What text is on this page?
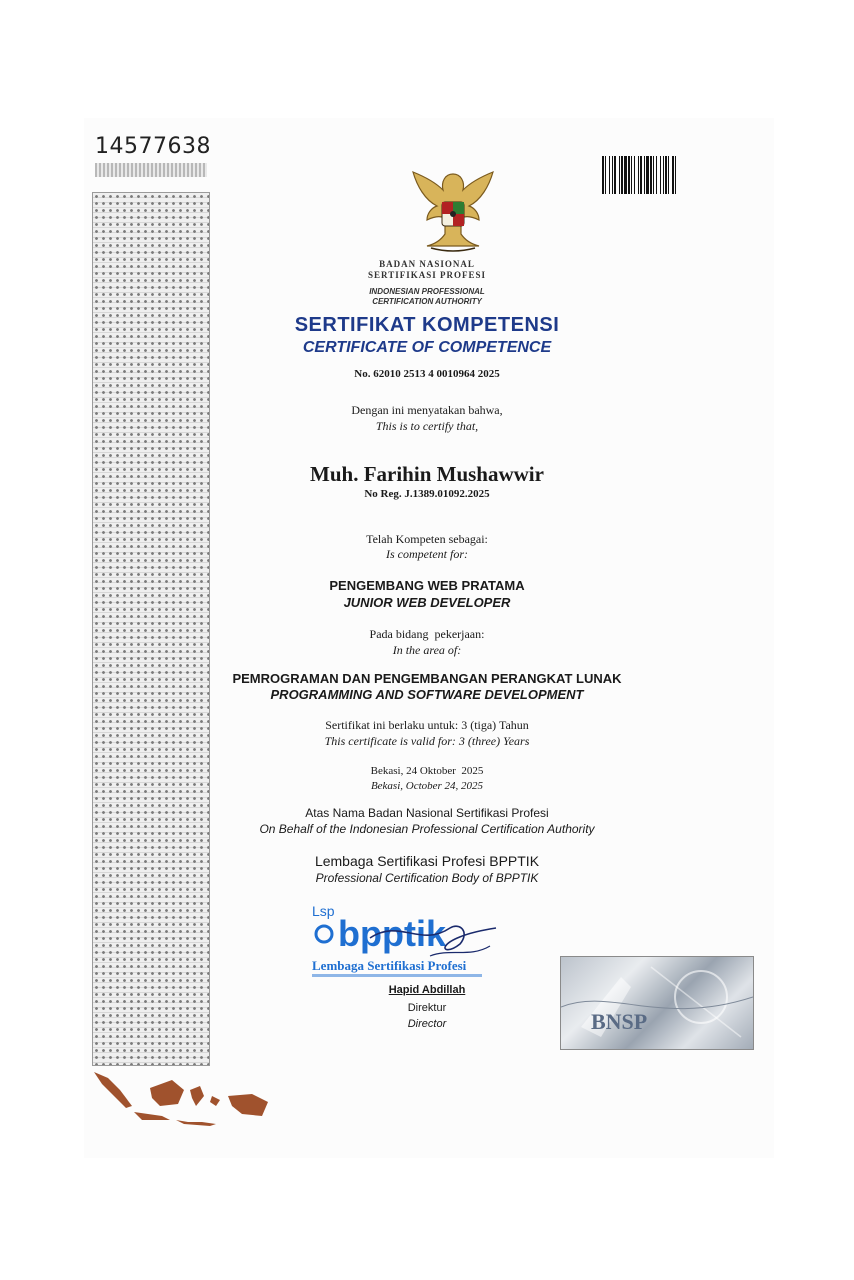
14577638
BADAN NASIONAL
SERTIFIKASI PROFESI
INDONESIAN PROFESSIONAL
CERTIFICATION AUTHORITY
SERTIFIKAT KOMPETENSI
CERTIFICATE OF COMPETENCE
No. 62010 2513 4 0010964 2025
Dengan ini menyatakan bahwa,
This is to certify that,
Muh. Farihin Mushawwir
No Reg. J.1389.01092.2025
Telah Kompeten sebagai:
Is competent for:
PENGEMBANG WEB PRATAMA
JUNIOR WEB DEVELOPER
Pada bidang  pekerjaan:
In the area of:
PEMROGRAMAN DAN PENGEMBANGAN PERANGKAT LUNAK
PROGRAMMING AND SOFTWARE DEVELOPMENT
Sertifikat ini berlaku untuk: 3 (tiga) Tahun
This certificate is valid for: 3 (three) Years
Bekasi, 24 Oktober  2025
Bekasi, October 24, 2025
Atas Nama Badan Nasional Sertifikasi Profesi
On Behalf of the Indonesian Professional Certification Authority
Lembaga Sertifikasi Profesi BPPTIK
Professional Certification Body of BPPTIK
Lsp
bpptik
Lembaga Sertifikasi Profesi
Hapid Abdillah
Direktur
Director	BNSP
